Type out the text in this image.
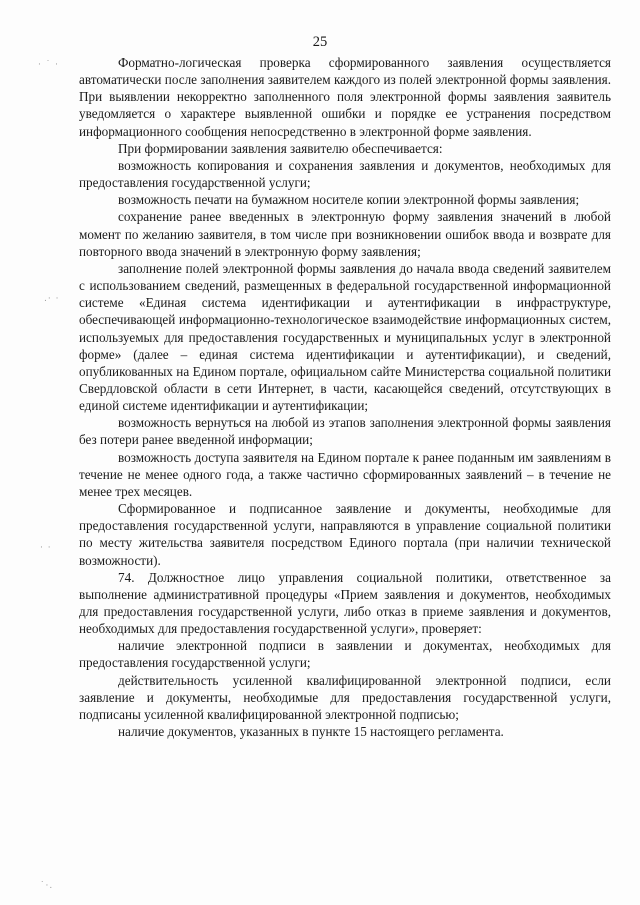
25
· ˙ ·
.· ·
· ·
˙·.

Форматно-логическая проверка сформированного заявления осуществляется автоматически после заполнения заявителем каждого из полей электронной формы заявления. При выявлении некорректно заполненного поля электронной формы заявления заявитель уведомляется о характере выявленной ошибки и порядке ее устранения посредством информационного сообщения непосредственно в электронной форме заявления.

При формировании заявления заявителю обеспечивается:

возможность копирования и сохранения заявления и документов, необходимых для предоставления государственной услуги;

возможность печати на бумажном носителе копии электронной формы заявления;

сохранение ранее введенных в электронную форму заявления значений в любой момент по желанию заявителя, в том числе при возникновении ошибок ввода и возврате для повторного ввода значений в электронную форму заявления;

заполнение полей электронной формы заявления до начала ввода сведений заявителем с использованием сведений, размещенных в федеральной государственной информационной системе «Единая система идентификации и аутентификации в инфраструктуре, обеспечивающей информационно-технологическое взаимодействие информационных систем, используемых для предоставления государственных и муниципальных услуг в электронной форме» (далее – единая система идентификации и аутентификации), и сведений, опубликованных на Едином портале, официальном сайте Министерства социальной политики Свердловской области в сети Интернет, в части, касающейся сведений, отсутствующих в единой системе идентификации и аутентификации;

возможность вернуться на любой из этапов заполнения электронной формы заявления без потери ранее введенной информации;

возможность доступа заявителя на Едином портале к ранее поданным им заявлениям в течение не менее одного года, а также частично сформированных заявлений – в течение не менее трех месяцев.

Сформированное и подписанное заявление и документы, необходимые для предоставления государственной услуги, направляются в управление социальной политики по месту жительства заявителя посредством Единого портала (при наличии технической возможности).

74. Должностное лицо управления социальной политики, ответственное за выполнение административной процедуры «Прием заявления и документов, необходимых для предоставления государственной услуги, либо отказ в приеме заявления и документов, необходимых для предоставления государственной услуги», проверяет:

наличие электронной подписи в заявлении и документах, необходимых для предоставления государственной услуги;

действительность усиленной квалифицированной электронной подписи, если заявление и документы, необходимые для предоставления государственной услуги, подписаны усиленной квалифицированной электронной подписью;

наличие документов, указанных в пункте 15 настоящего регламента.
